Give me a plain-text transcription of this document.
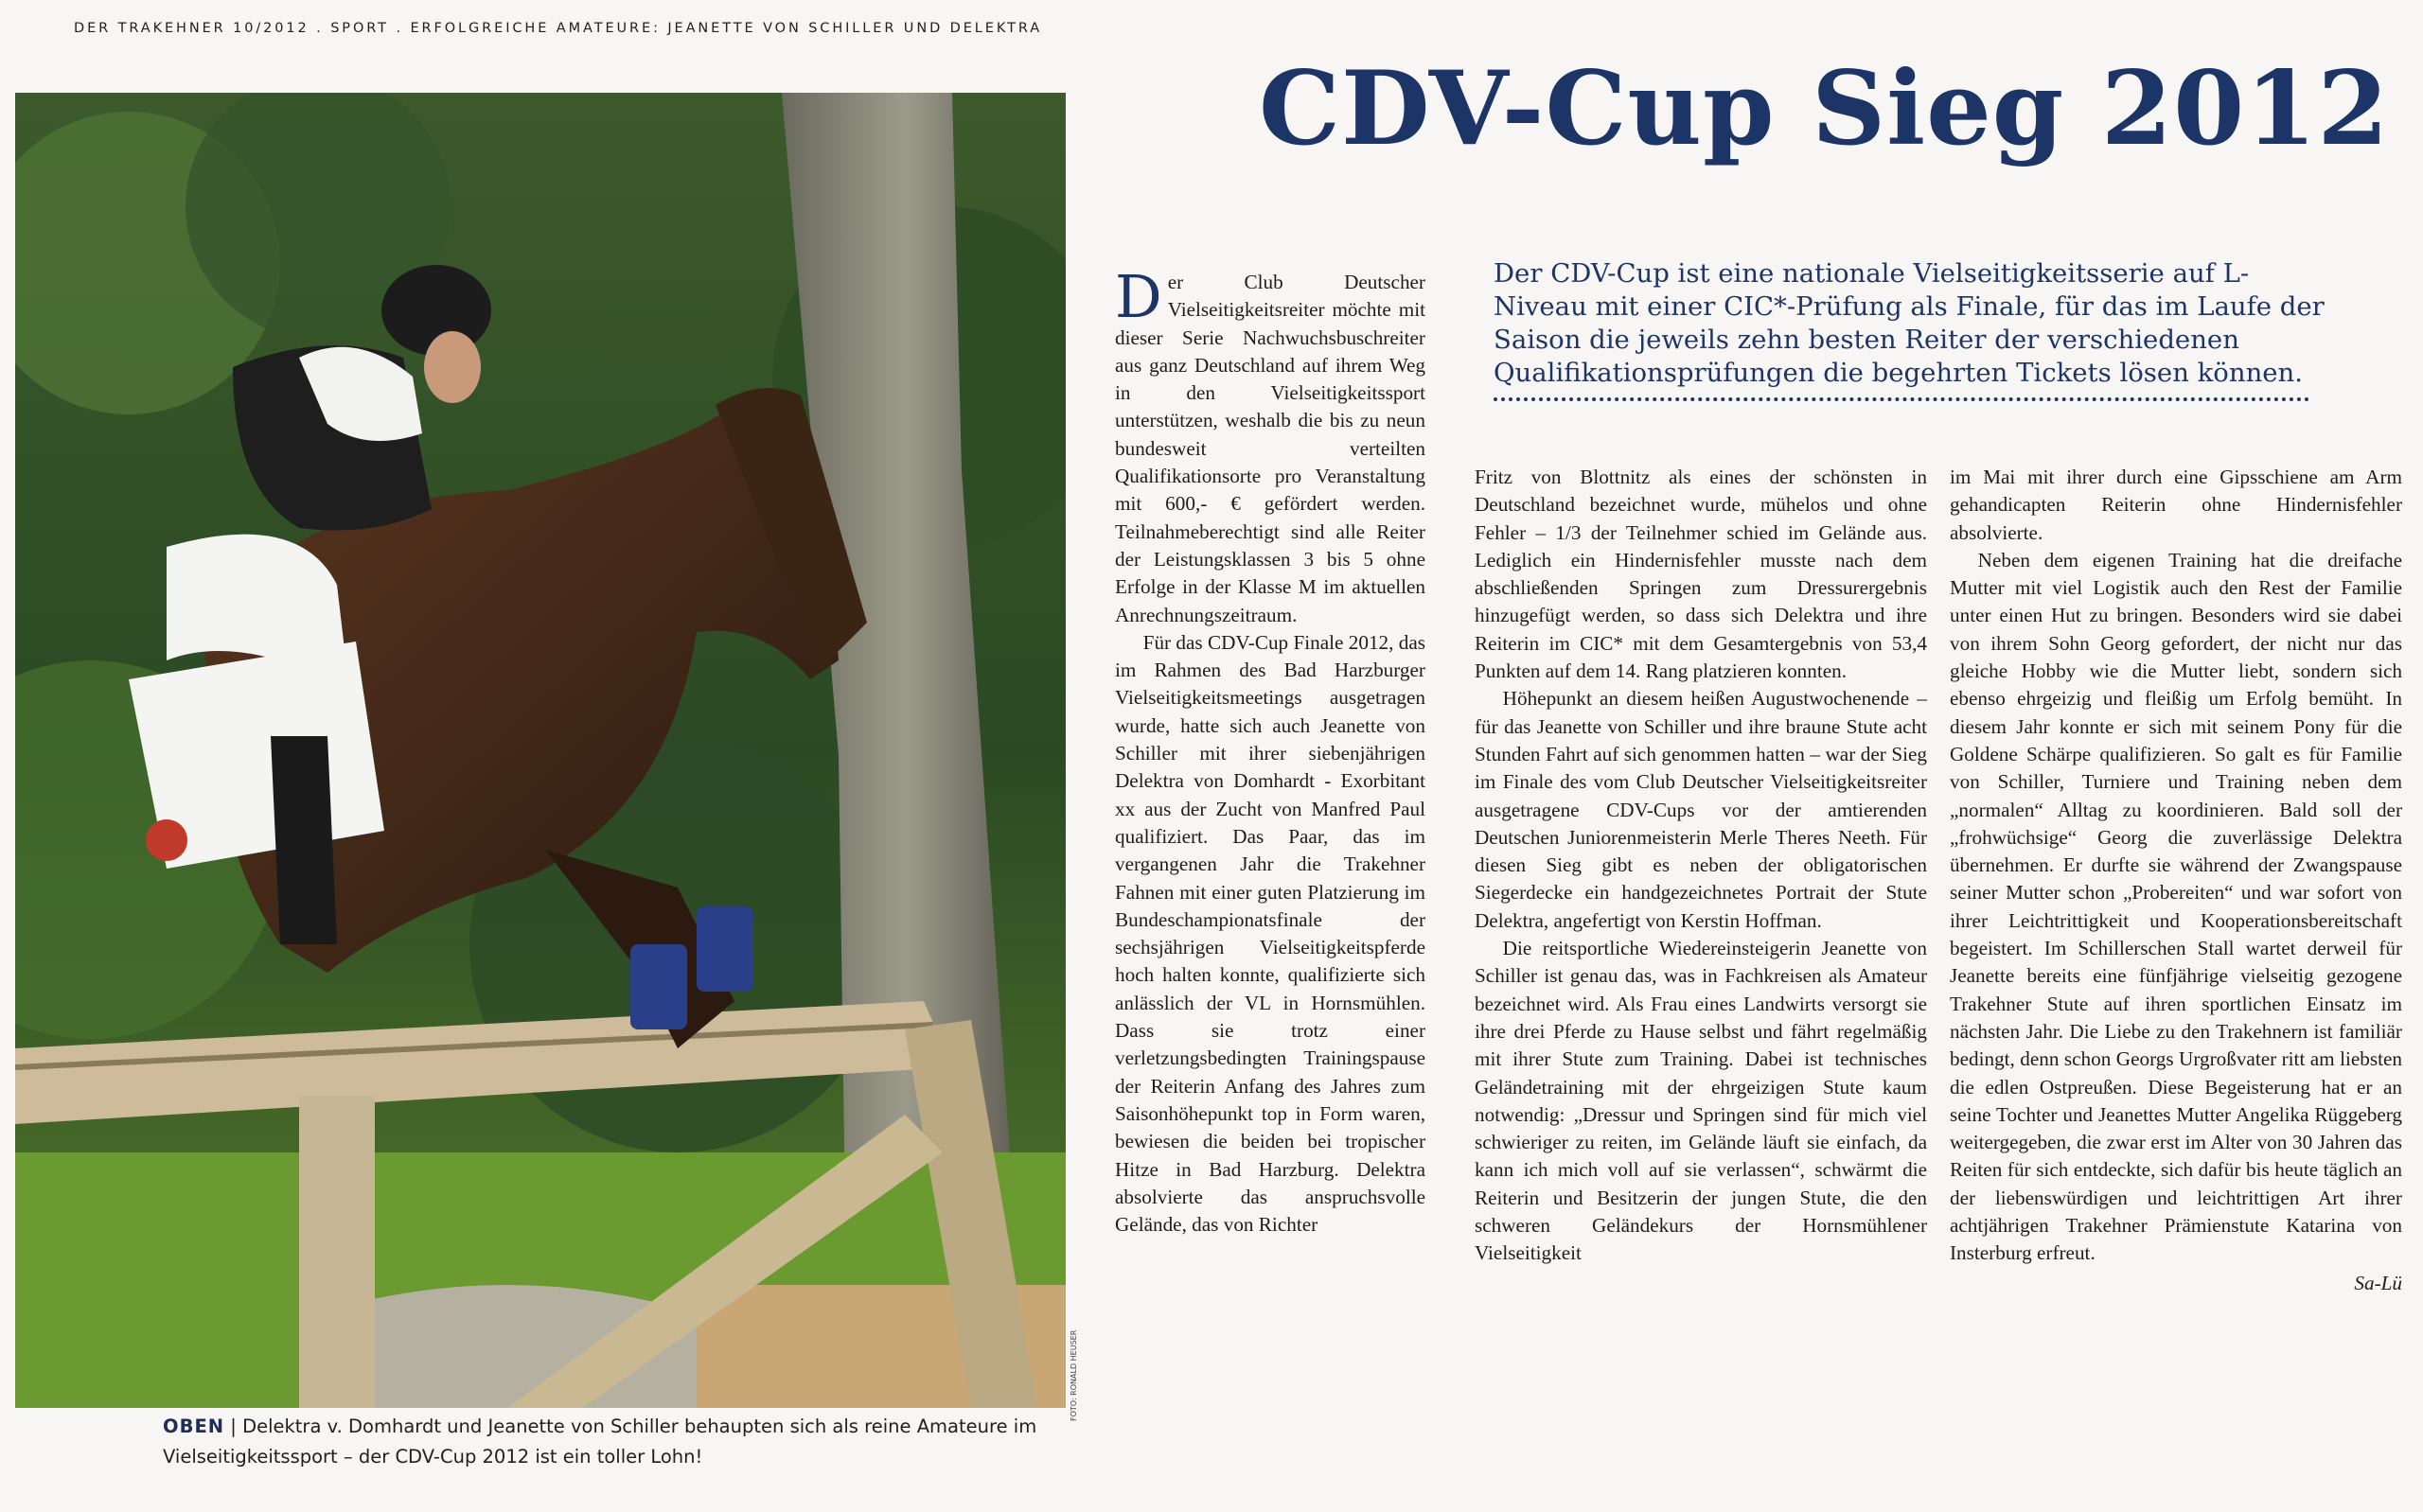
DER TRAKEHNER 10/2012 . SPORT . ERFOLGREICHE AMATEURE: JEANETTE VON SCHILLER UND DELEKTRA
FOTO: RONALD HEUSER
OBEN | Delektra v. Domhardt und Jeanette von Schiller behaupten sich als reine Amateure im Vielseitigkeitssport – der CDV-Cup 2012 ist ein toller Lohn!
CDV-Cup Sieg 2012
Der CDV-Cup ist eine nationale Vielseitigkeitsserie auf L-Niveau mit einer CIC*-Prüfung als Finale, für das im Laufe der Saison die jeweils zehn besten Reiter der verschiedenen Qualifikationsprüfungen die begehrten Tickets lösen können.

Der Club Deutscher Vielseitigkeitsreiter möchte mit dieser Serie Nachwuchsbuschreiter aus ganz Deutschland auf ihrem Weg in den Vielseitigkeitssport unterstützen, weshalb die bis zu neun bundesweit verteilten Qualifikationsorte pro Veranstaltung mit 600,- € gefördert werden. Teilnahmeberechtigt sind alle Reiter der Leistungsklassen 3 bis 5 ohne Erfolge in der Klasse M im aktuellen Anrechnungszeitraum.

Für das CDV-Cup Finale 2012, das im Rahmen des Bad Harzburger Vielseitigkeitsmeetings ausgetragen wurde, hatte sich auch Jeanette von Schiller mit ihrer siebenjährigen Delektra von Domhardt - Exorbitant xx aus der Zucht von Manfred Paul qualifiziert. Das Paar, das im vergangenen Jahr die Trakehner Fahnen mit einer guten Platzierung im Bundeschampionatsfinale der sechsjährigen Vielseitigkeitspferde hoch halten konnte, qualifizierte sich anlässlich der VL in Hornsmühlen. Dass sie trotz einer verletzungsbedingten Trainingspause der Reiterin Anfang des Jahres zum Saisonhöhepunkt top in Form waren, bewiesen die beiden bei tropischer Hitze in Bad Harzburg. Delektra absolvierte das anspruchsvolle Gelände, das von Richter

Fritz von Blottnitz als eines der schönsten in Deutschland bezeichnet wurde, mühelos und ohne Fehler – 1/3 der Teilnehmer schied im Gelände aus. Lediglich ein Hindernisfehler musste nach dem abschließenden Springen zum Dressurergebnis hinzugefügt werden, so dass sich Delektra und ihre Reiterin im CIC* mit dem Gesamtergebnis von 53,4 Punkten auf dem 14. Rang platzieren konnten.

Höhepunkt an diesem heißen Augustwochenende – für das Jeanette von Schiller und ihre braune Stute acht Stunden Fahrt auf sich genommen hatten – war der Sieg im Finale des vom Club Deutscher Vielseitigkeitsreiter ausgetragene CDV-Cups vor der amtierenden Deutschen Juniorenmeisterin Merle Theres Neeth. Für diesen Sieg gibt es neben der obligatorischen Siegerdecke ein handgezeichnetes Portrait der Stute Delektra, angefertigt von Kerstin Hoffman.

Die reitsportliche Wiedereinsteigerin Jeanette von Schiller ist genau das, was in Fachkreisen als Amateur bezeichnet wird. Als Frau eines Landwirts versorgt sie ihre drei Pferde zu Hause selbst und fährt regelmäßig mit ihrer Stute zum Training. Dabei ist technisches Geländetraining mit der ehrgeizigen Stute kaum notwendig: „Dressur und Springen sind für mich viel schwieriger zu reiten, im Gelände läuft sie einfach, da kann ich mich voll auf sie verlassen“, schwärmt die Reiterin und Besitzerin der jungen Stute, die den schweren Geländekurs der Hornsmühlener Vielseitigkeit

im Mai mit ihrer durch eine Gipsschiene am Arm gehandicapten Reiterin ohne Hindernisfehler absolvierte.

Neben dem eigenen Training hat die dreifache Mutter mit viel Logistik auch den Rest der Familie unter einen Hut zu bringen. Besonders wird sie dabei von ihrem Sohn Georg gefordert, der nicht nur das gleiche Hobby wie die Mutter liebt, sondern sich ebenso ehrgeizig und fleißig um Erfolg bemüht. In diesem Jahr konnte er sich mit seinem Pony für die Goldene Schärpe qualifizieren. So galt es für Familie von Schiller, Turniere und Training neben dem „normalen“ Alltag zu koordinieren. Bald soll der „frohwüchsige“ Georg die zuverlässige Delektra übernehmen. Er durfte sie während der Zwangspause seiner Mutter schon „Probereiten“ und war sofort von ihrer Leichtrittigkeit und Kooperationsbereitschaft begeistert. Im Schillerschen Stall wartet derweil für Jeanette bereits eine fünfjährige vielseitig gezogene Trakehner Stute auf ihren sportlichen Einsatz im nächsten Jahr. Die Liebe zu den Trakehnern ist familiär bedingt, denn schon Georgs Urgroßvater ritt am liebsten die edlen Ostpreußen. Diese Begeisterung hat er an seine Tochter und Jeanettes Mutter Angelika Rüggeberg weitergegeben, die zwar erst im Alter von 30 Jahren das Reiten für sich entdeckte, sich dafür bis heute täglich an der liebenswürdigen und leichtrittigen Art ihrer achtjährigen Trakehner Prämienstute Katarina von Insterburg erfreut.

Sa-Lü
